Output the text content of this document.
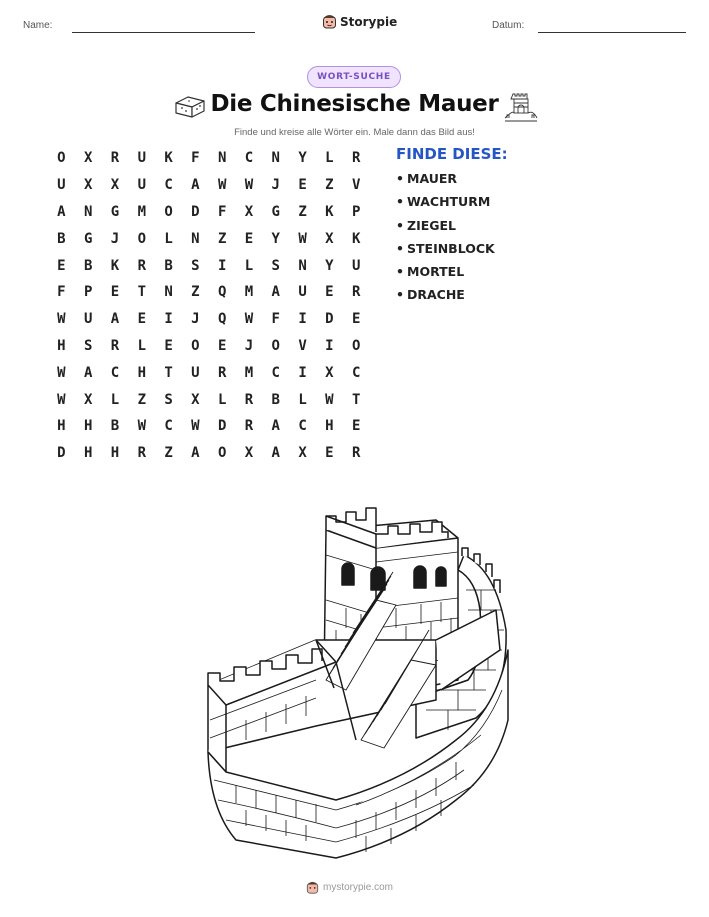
Name:	Storypie	Datum:
WORT-SUCHE
Die Chinesische Mauer
Finde und kreise alle Wörter ein. Male dann das Bild aus!
O	X	R	U	K	F	N	C	N	Y	L	R
U	X	X	U	C	A	W	W	J	E	Z	V
A	N	G	M	O	D	F	X	G	Z	K	P
B	G	J	O	L	N	Z	E	Y	W	X	K
E	B	K	R	B	S	I	L	S	N	Y	U
F	P	E	T	N	Z	Q	M	A	U	E	R
W	U	A	E	I	J	Q	W	F	I	D	E
H	S	R	L	E	O	E	J	O	V	I	O
W	A	C	H	T	U	R	M	C	I	X	C
W	X	L	Z	S	X	L	R	B	L	W	T
H	H	B	W	C	W	D	R	A	C	H	E
D	H	H	R	Z	A	O	X	A	X	E	R
FINDE DIESE:
• MAUER
• WACHTURM
• ZIEGEL
• STEINBLOCK
• MORTEL
• DRACHE
mystorypie.com
